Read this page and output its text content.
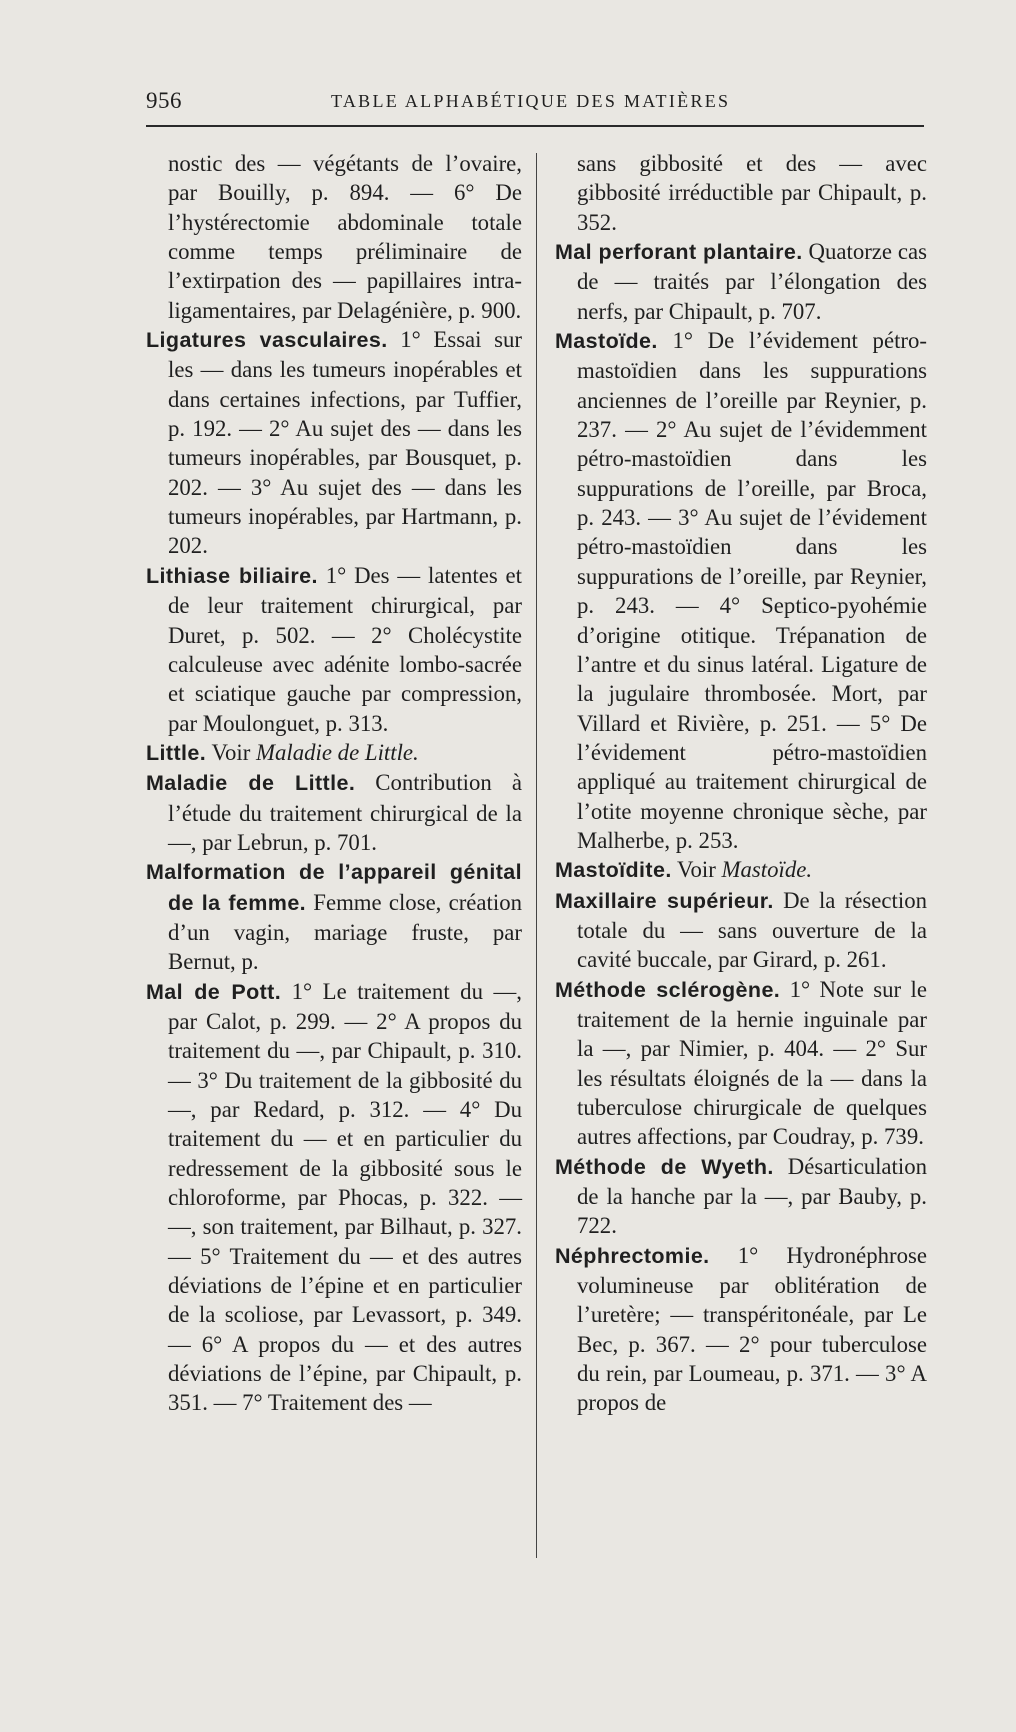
956	TABLE ALPHABÉTIQUE DES MATIÈRES

nostic des — végétants de l’ovaire, par Bouilly, p. 894. — 6° De l’hystérectomie abdominale totale comme temps préliminaire de l’extirpation des — papillaires intra-ligamentaires, par Delagénière, p. 900.

Ligatures vasculaires. 1° Essai sur les — dans les tumeurs inopérables et dans certaines infections, par Tuffier, p. 192. — 2° Au sujet des — dans les tumeurs inopérables, par Bousquet, p. 202. — 3° Au sujet des — dans les tumeurs inopérables, par Hartmann, p. 202.

Lithiase biliaire. 1° Des — latentes et de leur traitement chirurgical, par Duret, p. 502. — 2° Cholécystite calculeuse avec adénite lombo-sacrée et sciatique gauche par compression, par Moulonguet, p. 313.

Little. Voir Maladie de Little.

Maladie de Little. Contribution à l’étude du traitement chirurgical de la —, par Lebrun, p. 701.

Malformation de l’appareil génital de la femme. Femme close, création d’un vagin, mariage fruste, par Bernut, p.

Mal de Pott. 1° Le traitement du —, par Calot, p. 299. — 2° A propos du traitement du —, par Chipault, p. 310. — 3° Du traitement de la gibbosité du —, par Redard, p. 312. — 4° Du traitement du — et en particulier du redressement de la gibbosité sous le chloroforme, par Phocas, p. 322. — —, son traitement, par Bilhaut, p. 327. — 5° Traitement du — et des autres déviations de l’épine et en particulier de la scoliose, par Levassort, p. 349. — 6° A propos du — et des autres déviations de l’épine, par Chipault, p. 351. — 7° Traitement des —

sans gibbosité et des — avec gibbosité irréductible par Chipault, p. 352.

Mal perforant plantaire. Quatorze cas de — traités par l’élongation des nerfs, par Chipault, p. 707.

Mastoïde. 1° De l’évidement pétro-mastoïdien dans les suppurations anciennes de l’oreille par Reynier, p. 237. — 2° Au sujet de l’évidemment pétro-mastoïdien dans les suppurations de l’oreille, par Broca, p. 243. — 3° Au sujet de l’évidement pétro-mastoïdien dans les suppurations de l’oreille, par Reynier, p. 243. — 4° Septico-pyohémie d’origine otitique. Trépanation de l’antre et du sinus latéral. Ligature de la jugulaire thrombosée. Mort, par Villard et Rivière, p. 251. — 5° De l’évidement pétro-mastoïdien appliqué au traitement chirurgical de l’otite moyenne chronique sèche, par Malherbe, p. 253.

Mastoïdite. Voir Mastoïde.

Maxillaire supérieur. De la résection totale du — sans ouverture de la cavité buccale, par Girard, p. 261.

Méthode sclérogène. 1° Note sur le traitement de la hernie inguinale par la —, par Nimier, p. 404. — 2° Sur les résultats éloignés de la — dans la tuberculose chirurgicale de quelques autres affections, par Coudray, p. 739.

Méthode de Wyeth. Désarticulation de la hanche par la —, par Bauby, p. 722.

Néphrectomie. 1° Hydronéphrose volumineuse par oblitération de l’uretère; — transpéritonéale, par Le Bec, p. 367. — 2° pour tuberculose du rein, par Loumeau, p. 371. — 3° A propos de
